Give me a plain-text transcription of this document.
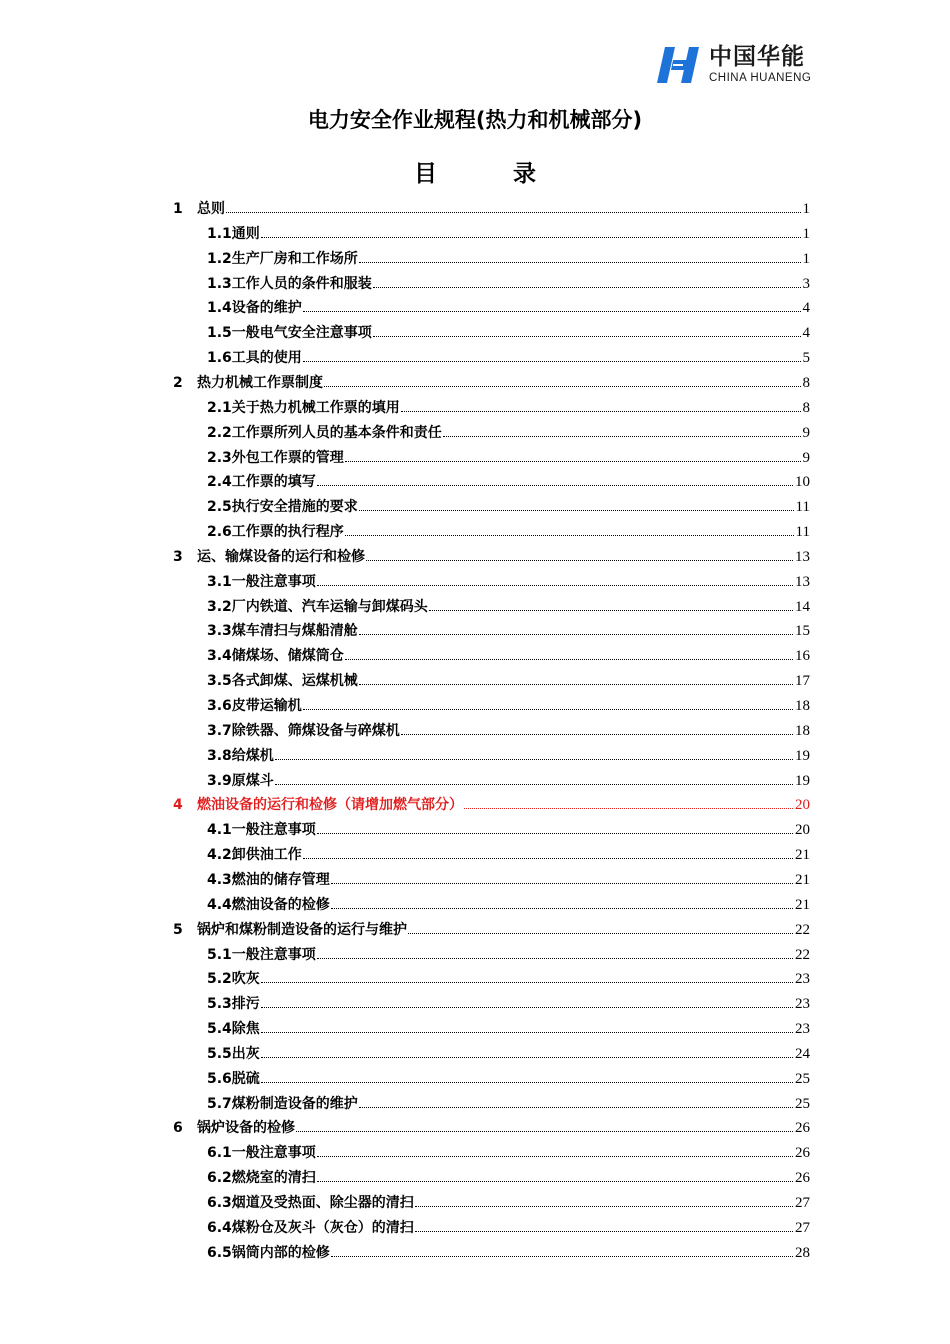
中国华能
CHINA HUANENG
电力安全作业规程(热力和机械部分)
目 录
1 总则	1
1.1通则	1
1.2生产厂房和工作场所	1
1.3工作人员的条件和服装	3
1.4设备的维护	4
1.5一般电气安全注意事项	4
1.6工具的使用	5
2 热力机械工作票制度	8
2.1关于热力机械工作票的填用	8
2.2工作票所列人员的基本条件和责任	9
2.3外包工作票的管理	9
2.4工作票的填写	10
2.5执行安全措施的要求	11
2.6工作票的执行程序	11
3 运、输煤设备的运行和检修	13
3.1一般注意事项	13
3.2厂内铁道、汽车运输与卸煤码头	14
3.3煤车清扫与煤船清舱	15
3.4储煤场、储煤筒仓	16
3.5各式卸煤、运煤机械	17
3.6皮带运输机	18
3.7除铁器、筛煤设备与碎煤机	18
3.8给煤机	19
3.9原煤斗	19
4 燃油设备的运行和检修（请增加燃气部分）	20
4.1一般注意事项	20
4.2卸供油工作	21
4.3燃油的储存管理	21
4.4燃油设备的检修	21
5 锅炉和煤粉制造设备的运行与维护	22
5.1一般注意事项	22
5.2吹灰	23
5.3排污	23
5.4除焦	23
5.5出灰	24
5.6脱硫	25
5.7煤粉制造设备的维护	25
6 锅炉设备的检修	26
6.1一般注意事项	26
6.2燃烧室的清扫	26
6.3烟道及受热面、除尘器的清扫	27
6.4煤粉仓及灰斗（灰仓）的清扫	27
6.5锅筒内部的检修	28
